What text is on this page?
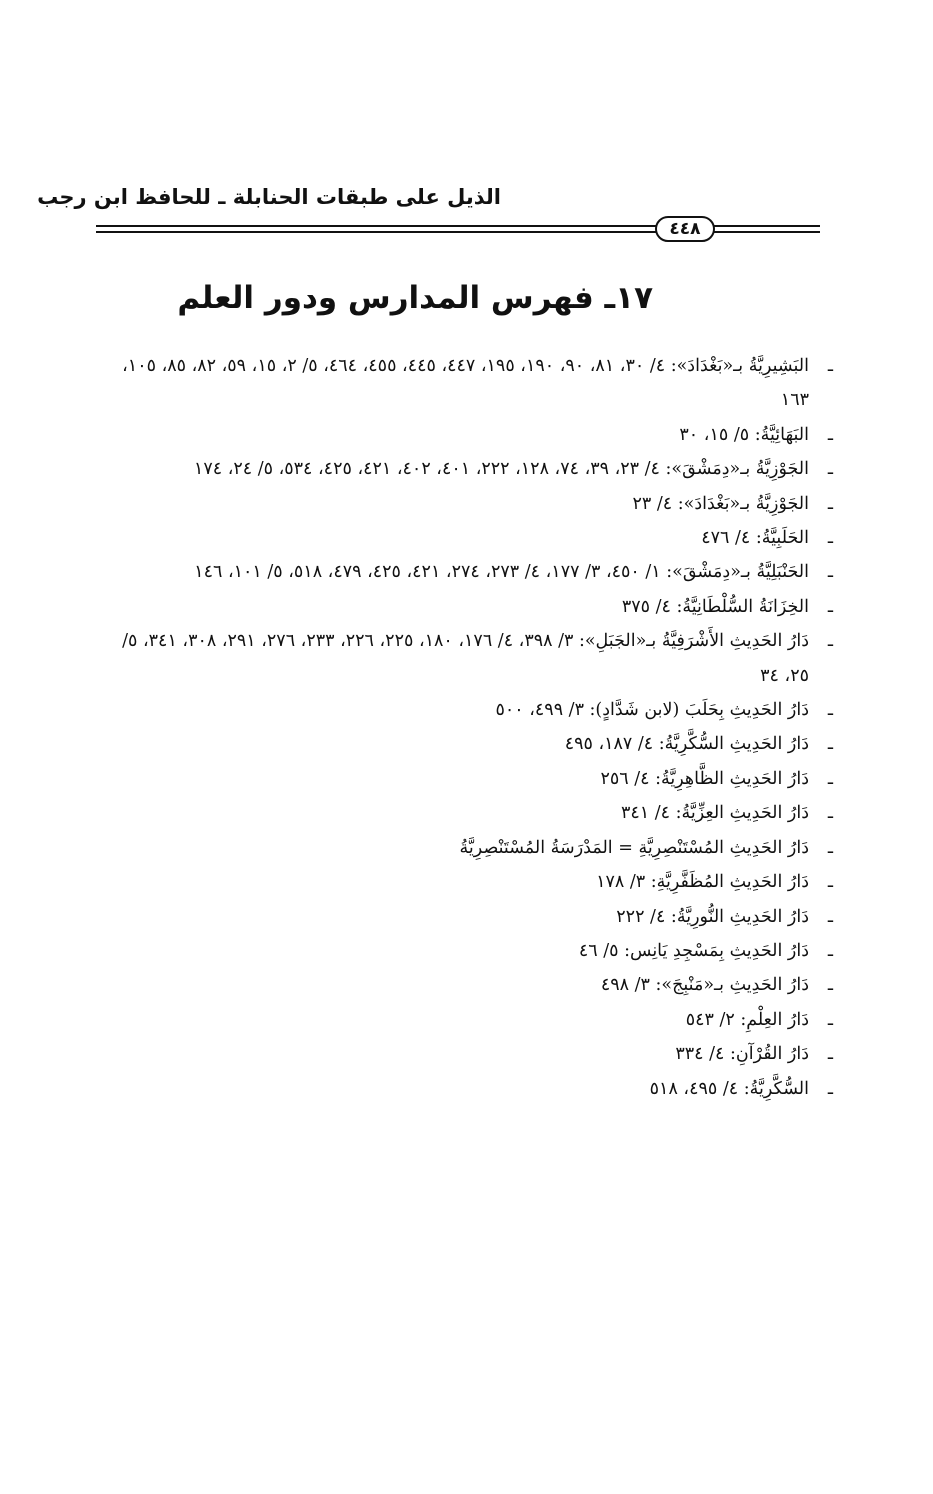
الذيل على طبقات الحنابلة ـ للحافظ ابن رجب
٤٤٨
١٧ـ فهرس المدارس ودور العلم
ـالبَشِيرِيَّةُ بـ«بَغْدَادَ»: ٤/ ٣٠، ٨١، ٩٠، ١٩٠، ١٩٥، ٤٤٧، ٤٤٥، ٤٥٥، ٤٦٤، ٥/ ٢، ١٥، ٥٩، ٨٢، ٨٥، ١٠٥، ١٦٣
ـالبَهَائِيَّةُ: ٥/ ١٥، ٣٠
ـالجَوْزِيَّةُ بـ«دِمَشْقَ»: ٤/ ٢٣، ٣٩، ٧٤، ١٢٨، ٢٢٢، ٤٠١، ٤٠٢، ٤٢١، ٤٢٥، ٥٣٤، ٥/ ٢٤، ١٧٤
ـالجَوْزِيَّةُ بـ«بَغْدَادَ»: ٤/ ٢٣
ـالحَلَبِيَّةُ: ٤/ ٤٧٦
ـالحَنْبَلِيَّةُ بـ«دِمَشْقَ»: ١/ ٤٥٠، ٣/ ١٧٧، ٤/ ٢٧٣، ٢٧٤، ٤٢١، ٤٢٥، ٤٧٩، ٥١٨، ٥/ ١٠١، ١٤٦
ـالخِزَانَةُ السُّلْطَانِيَّةُ: ٤/ ٣٧٥
ـدَارُ الحَدِيثِ الأَشْرَفِيَّةُ بـ«الجَبَلِ»: ٣/ ٣٩٨، ٤/ ١٧٦، ١٨٠، ٢٢٥، ٢٢٦، ٢٣٣، ٢٧٦، ٢٩١، ٣٠٨، ٣٤١، ٥/ ٢٥، ٣٤
ـدَارُ الحَدِيثِ بِحَلَبَ (لابن شَدَّادٍ): ٣/ ٤٩٩، ٥٠٠
ـدَارُ الحَدِيثِ السُّكَّرِيَّةُ: ٤/ ١٨٧، ٤٩٥
ـدَارُ الحَدِيثِ الظَّاهِرِيَّةُ: ٤/ ٢٥٦
ـدَارُ الحَدِيثِ العِزِّيَّةُ: ٤/ ٣٤١
ـدَارُ الحَدِيثِ المُسْتَنْصِرِيَّةِ = المَدْرَسَةُ المُسْتَنْصِرِيَّةُ
ـدَارُ الحَدِيثِ المُظَفَّرِيَّةِ: ٣/ ١٧٨
ـدَارُ الحَدِيثِ النُّورِيَّةُ: ٤/ ٢٢٢
ـدَارُ الحَدِيثِ بِمَسْجِدِ يَانِس: ٥/ ٤٦
ـدَارُ الحَدِيثِ بـ«مَنْبِجَ»: ٣/ ٤٩٨
ـدَارُ العِلْمِ: ٢/ ٥٤٣
ـدَارُ القُرْآنِ: ٤/ ٣٣٤
ـالسُّكَّرِيَّةُ: ٤/ ٤٩٥، ٥١٨
